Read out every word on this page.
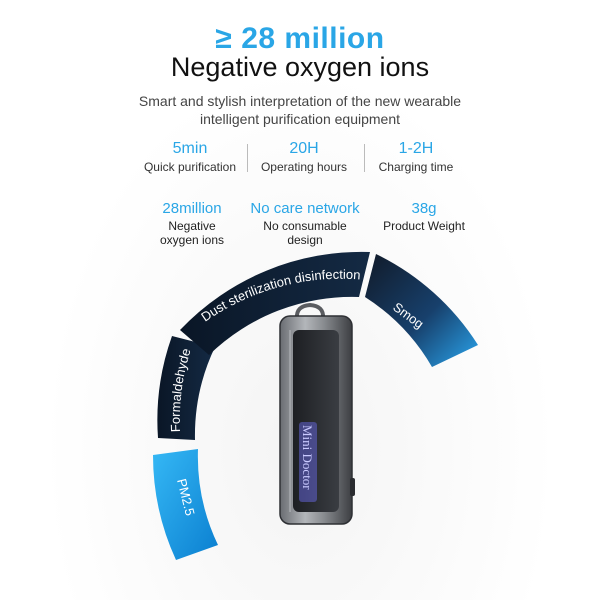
≥ 28 million
Negative oxygen ions
Smart and stylish interpretation of the new wearable
intelligent purification equipment
5min
Quick purification
20H
Operating hours
1-2H
Charging time
28million
Negative
oxygen ions
No care network
No consumable
design
38g
Product Weight
Dust sterilization disinfection
Formaldehyde
Smog
PM2.5
Mini Doctor
